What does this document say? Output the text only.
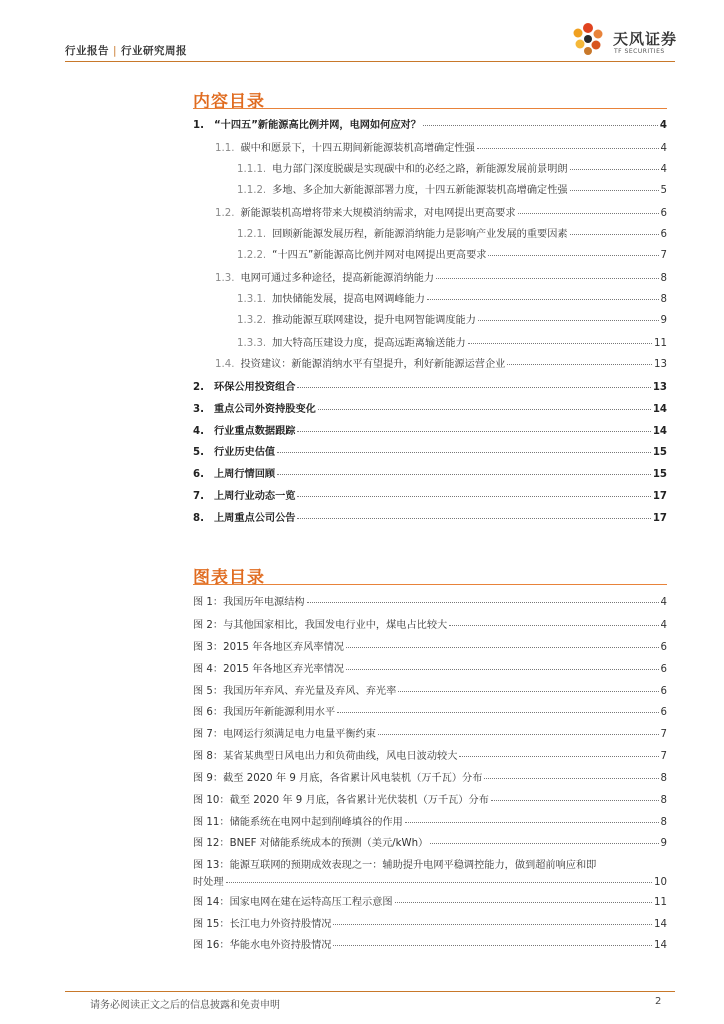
行业报告 | 行业研究周报
天风证券
TF SECURITIES
内容目录
1. “十四五”新能源高比例并网，电网如何应对？	4
1.1. 碳中和愿景下，十四五期间新能源装机高增确定性强	4
1.1.1. 电力部门深度脱碳是实现碳中和的必经之路，新能源发展前景明朗	4
1.1.2. 多地、多企加大新能源部署力度，十四五新能源装机高增确定性强	5
1.2. 新能源装机高增将带来大规模消纳需求，对电网提出更高要求	6
1.2.1. 回顾新能源发展历程，新能源消纳能力是影响产业发展的重要因素	6
1.2.2. “十四五”新能源高比例并网对电网提出更高要求	7
1.3. 电网可通过多种途径，提高新能源消纳能力	8
1.3.1. 加快储能发展，提高电网调峰能力	8
1.3.2. 推动能源互联网建设，提升电网智能调度能力	9
1.3.3. 加大特高压建设力度，提高远距离输送能力	11
1.4. 投资建议：新能源消纳水平有望提升，利好新能源运营企业	13
2. 环保公用投资组合	13
3. 重点公司外资持股变化	14
4. 行业重点数据跟踪	14
5. 行业历史估值	15
6. 上周行情回顾	15
7. 上周行业动态一览	17
8. 上周重点公司公告	17
图表目录
图 1： 我国历年电源结构	4
图 2： 与其他国家相比，我国发电行业中，煤电占比较大	4
图 3： 2015 年各地区弃风率情况	6
图 4： 2015 年各地区弃光率情况	6
图 5： 我国历年弃风、弃光量及弃风、弃光率	6
图 6： 我国历年新能源利用水平	6
图 7： 电网运行须满足电力电量平衡约束	7
图 8： 某省某典型日风电出力和负荷曲线，风电日波动较大	7
图 9： 截至 2020 年 9 月底，各省累计风电装机（万千瓦）分布	8
图 10： 截至 2020 年 9 月底，各省累计光伏装机（万千瓦）分布	8
图 11： 储能系统在电网中起到削峰填谷的作用	8
图 12： BNEF 对储能系统成本的预测（美元/kWh）	9
图 13： 能源互联网的预期成效表现之一：辅助提升电网平稳调控能力，做到超前响应和即
时处理	10
图 14： 国家电网在建在运特高压工程示意图	11
图 15： 长江电力外资持股情况	14
图 16： 华能水电外资持股情况	14
请务必阅读正文之后的信息披露和免责申明	2
